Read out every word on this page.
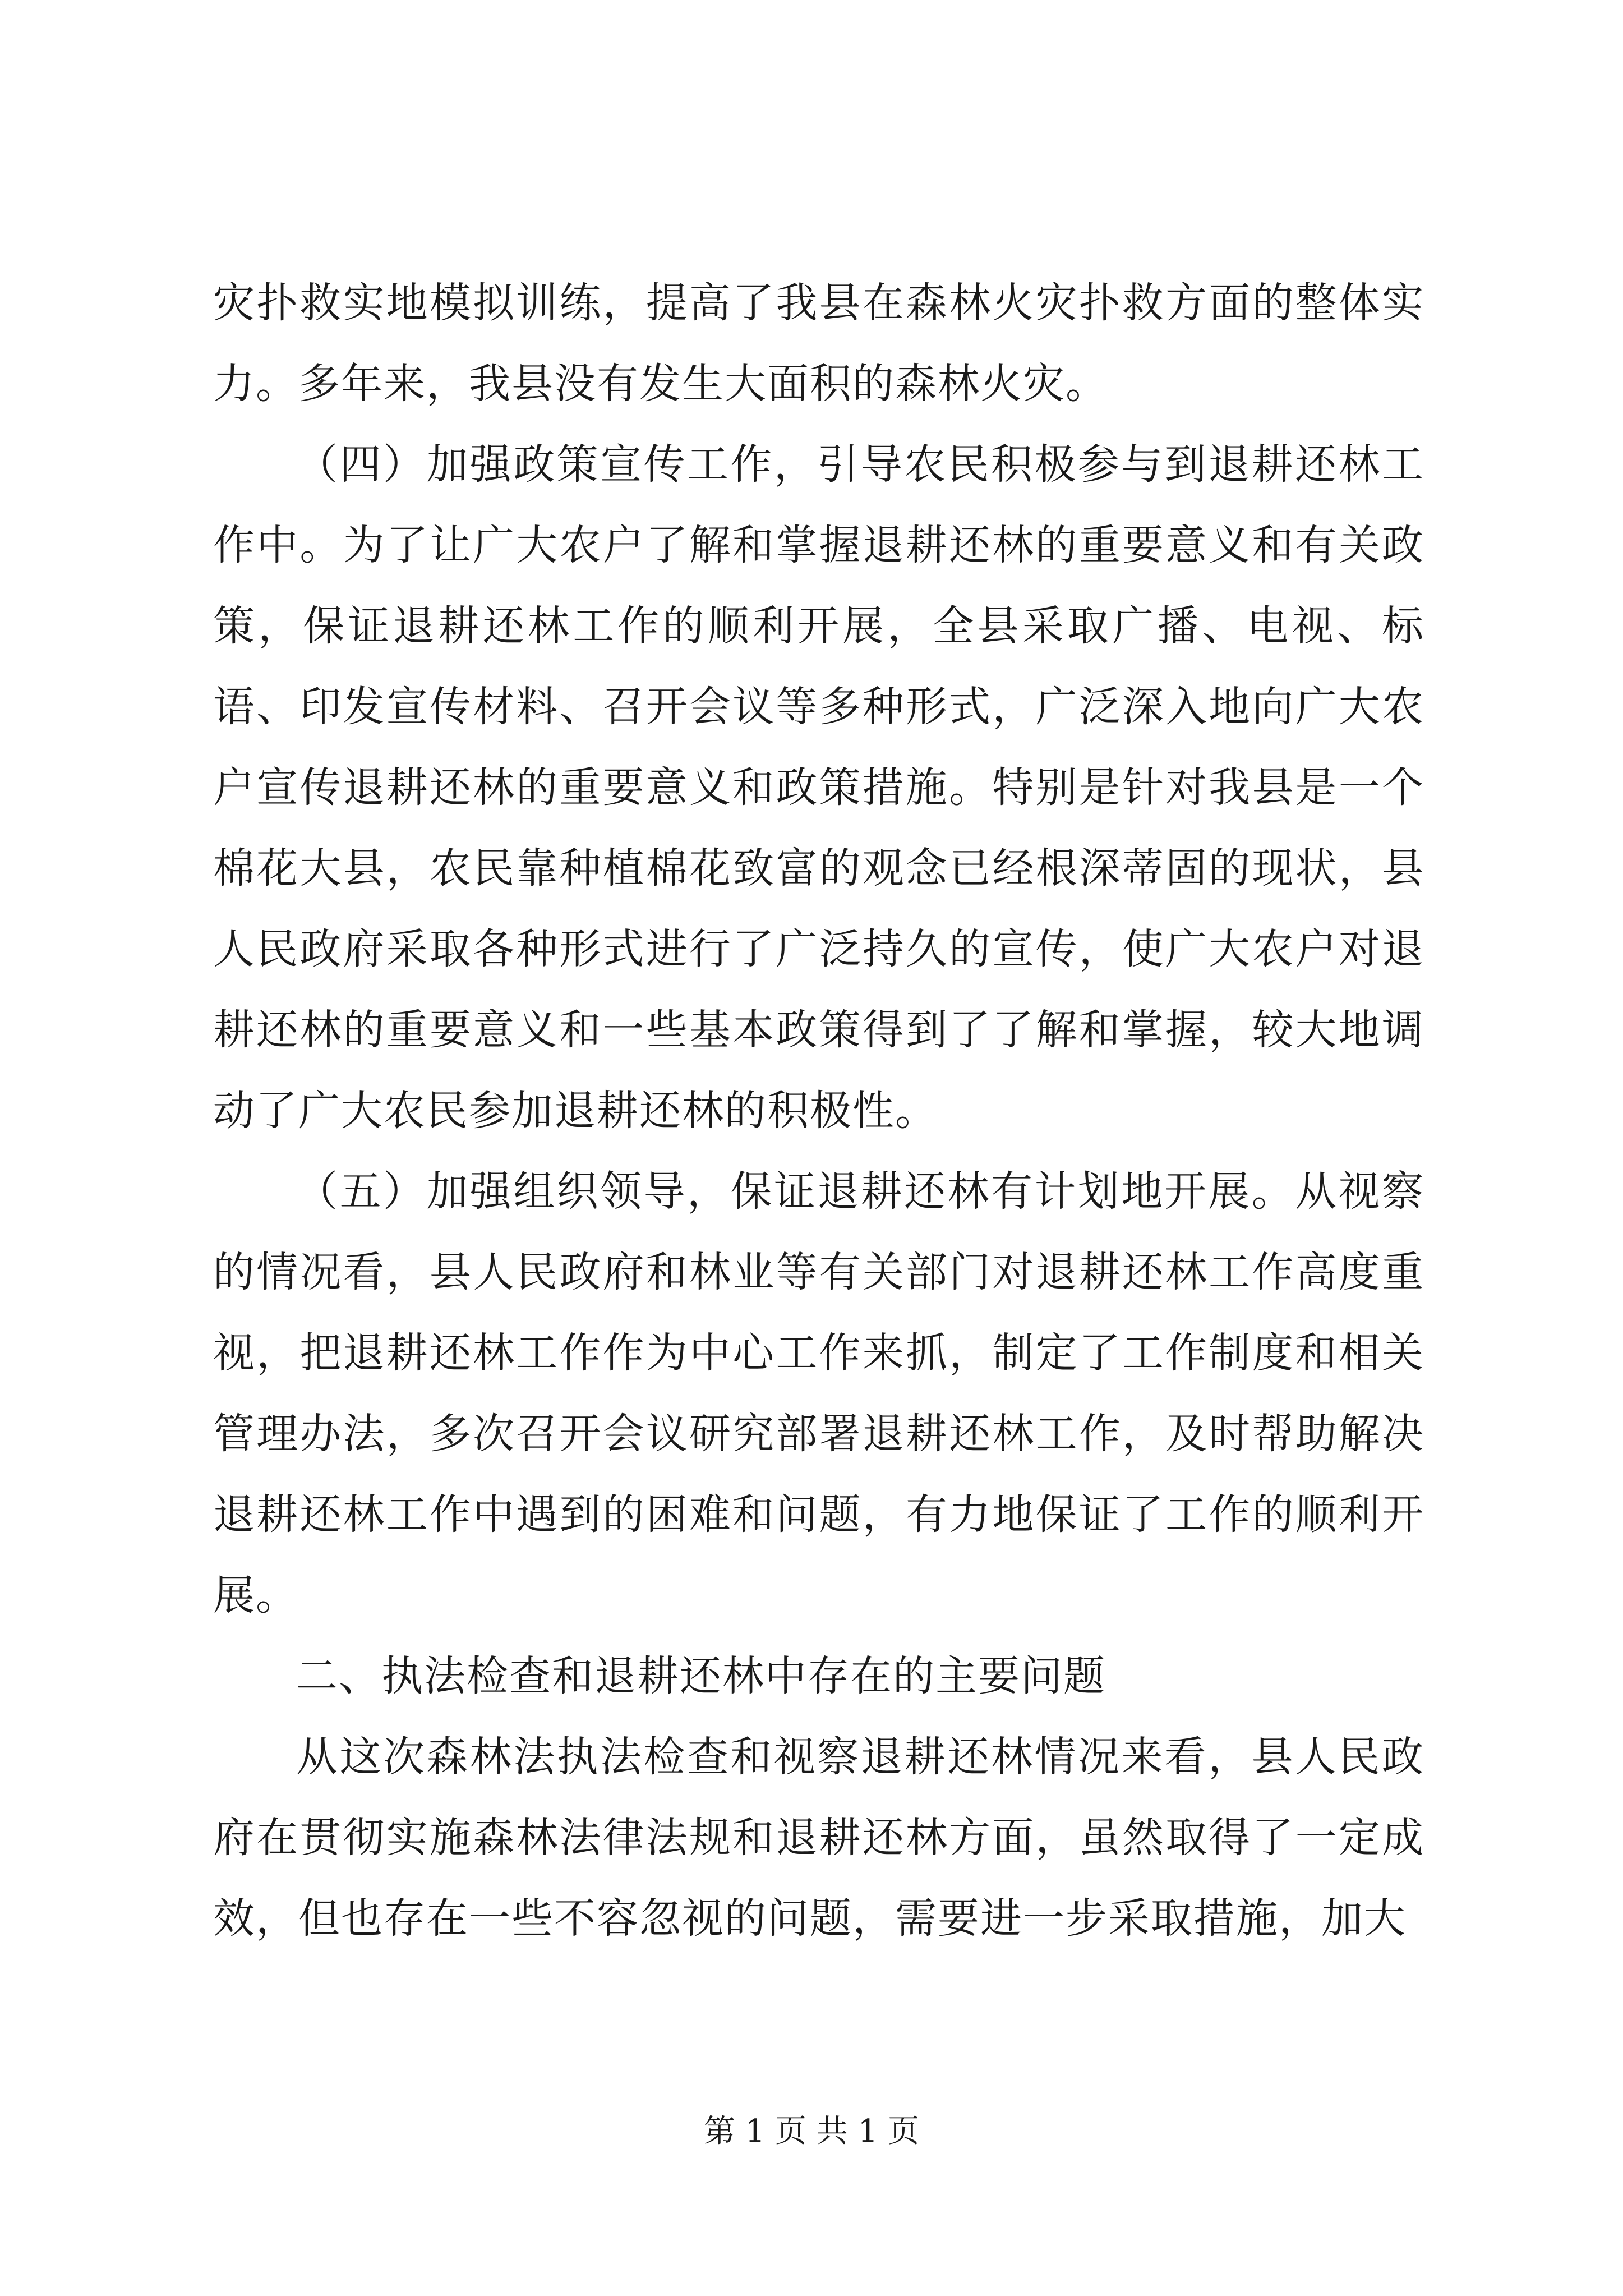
灾扑救实地模拟训练，提高了我县在森林火灾扑救方面的整体实力。多年来，我县没有发生大面积的森林火灾。

（四）加强政策宣传工作，引导农民积极参与到退耕还林工作中。为了让广大农户了解和掌握退耕还林的重要意义和有关政策，保证退耕还林工作的顺利开展，全县采取广播、电视、标语、印发宣传材料、召开会议等多种形式，广泛深入地向广大农户宣传退耕还林的重要意义和政策措施。特别是针对我县是一个棉花大县，农民靠种植棉花致富的观念已经根深蒂固的现状，县人民政府采取各种形式进行了广泛持久的宣传，使广大农户对退耕还林的重要意义和一些基本政策得到了了解和掌握，较大地调动了广大农民参加退耕还林的积极性。

（五）加强组织领导，保证退耕还林有计划地开展。从视察的情况看，县人民政府和林业等有关部门对退耕还林工作高度重视，把退耕还林工作作为中心工作来抓，制定了工作制度和相关管理办法，多次召开会议研究部署退耕还林工作，及时帮助解决退耕还林工作中遇到的困难和问题，有力地保证了工作的顺利开展。

二、执法检查和退耕还林中存在的主要问题

从这次森林法执法检查和视察退耕还林情况来看，县人民政府在贯彻实施森林法律法规和退耕还林方面，虽然取得了一定成效，但也存在一些不容忽视的问题，需要进一步采取措施，加大

第 1 页 共 1 页
